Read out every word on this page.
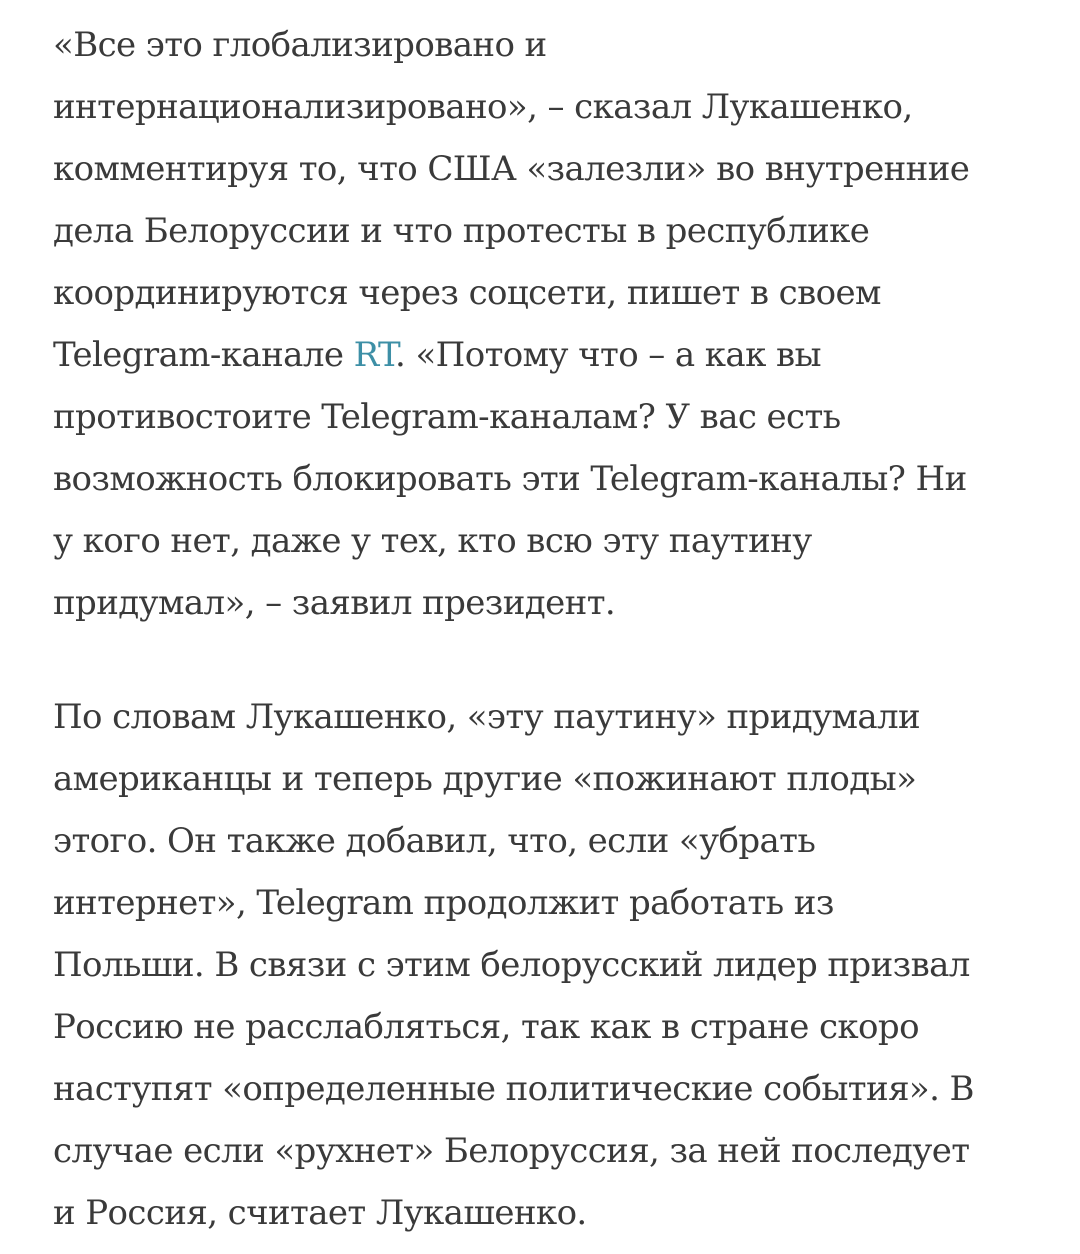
«Все это глобализировано и
интернационализировано», – сказал Лукашенко,
комментируя то, что США «залезли» во внутренние
дела Белоруссии и что протесты в республике
координируются через соцсети, пишет в своем
Telegram-канале RT. «Потому что – а как вы
противостоите Telegram-каналам? У вас есть
возможность блокировать эти Telegram-каналы? Ни
у кого нет, даже у тех, кто всю эту паутину
придумал», – заявил президент.

По словам Лукашенко, «эту паутину» придумали
американцы и теперь другие «пожинают плоды»
этого. Он также добавил, что, если «убрать
интернет», Telegram продолжит работать из
Польши. В связи с этим белорусский лидер призвал
Россию не расслабляться, так как в стране скоро
наступят «определенные политические события». В
случае если «рухнет» Белоруссия, за ней последует
и Россия, считает Лукашенко.
